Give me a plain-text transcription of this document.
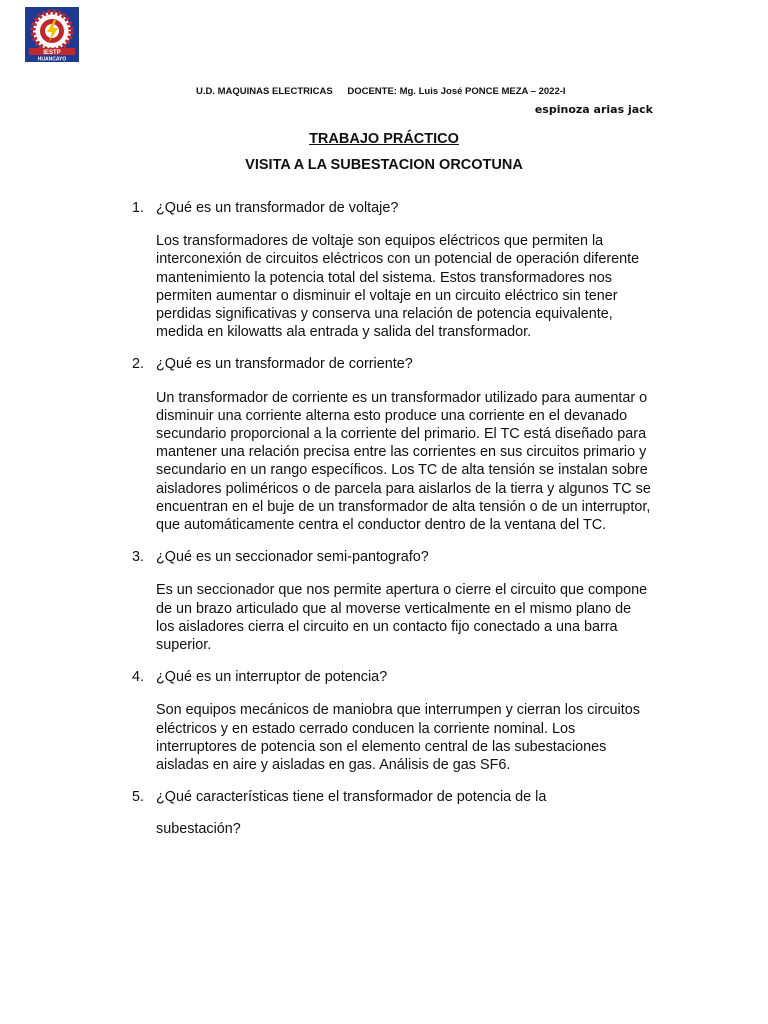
IESTP
HUANCAYO
U.D. MAQUINAS ELECTRICAS DOCENTE: Mg. Luis José PONCE MEZA – 2022-I
espinoza arias jack
TRABAJO PRÁCTICO
VISITA A LA SUBESTACION ORCOTUNA

1. ¿Qué es un transformador de voltaje?

Los transformadores de voltaje son equipos eléctricos que permiten la interconexión de circuitos eléctricos con un potencial de operación diferente mantenimiento la potencia total del sistema. Estos transformadores nos permiten aumentar o disminuir el voltaje en un circuito eléctrico sin tener perdidas significativas y conserva una relación de potencia equivalente, medida en kilowatts ala entrada y salida del transformador.

2. ¿Qué es un transformador de corriente?

Un transformador de corriente es un transformador utilizado para aumentar o disminuir una corriente alterna esto produce una corriente en el devanado secundario proporcional a la corriente del primario. El TC está diseñado para mantener una relación precisa entre las corrientes en sus circuitos primario y secundario en un rango específicos. Los TC de alta tensión se instalan sobre aisladores poliméricos o de parcela para aislarlos de la tierra y algunos TC se encuentran en el buje de un transformador de alta tensión o de un interruptor, que automáticamente centra el conductor dentro de la ventana del TC.

3. ¿Qué es un seccionador semi-pantografo?

Es un seccionador que nos permite apertura o cierre el circuito que compone de un brazo articulado que al moverse verticalmente en el mismo plano de los aisladores cierra el circuito en un contacto fijo conectado a una barra superior.

4. ¿Qué es un interruptor de potencia?

Son equipos mecánicos de maniobra que interrumpen y cierran los circuitos eléctricos y en estado cerrado conducen la corriente nominal. Los interruptores de potencia son el elemento central de las subestaciones aisladas en aire y aisladas en gas. Análisis de gas SF6.

5. ¿Qué características tiene el transformador de potencia de la

subestación?
